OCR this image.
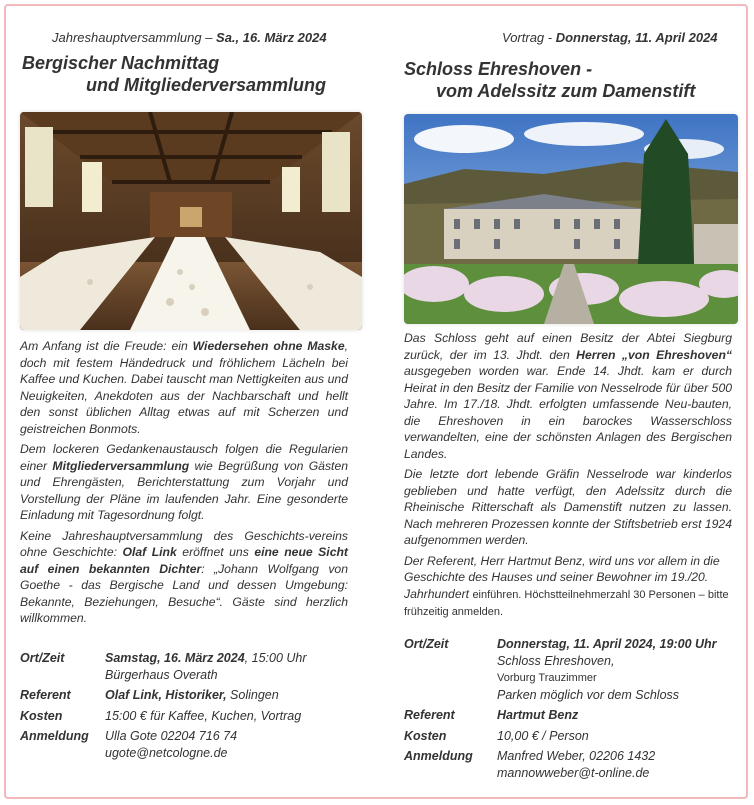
Jahreshauptversammlung – Sa., 16. März 2024
Bergischer Nachmittag
und Mitgliederversammlung

Am Anfang ist die Freude: ein Wiedersehen ohne Maske, doch mit festem Händedruck und fröhlichem Lächeln bei Kaffee und Kuchen. Dabei tauscht man Nettigkeiten aus und Neuigkeiten, Anekdoten aus der Nachbarschaft und hellt den sonst üblichen Alltag etwas auf mit Scherzen und geistreichen Bonmots.

Dem lockeren Gedankenaustausch folgen die Regularien einer Mitgliederversammlung wie Begrüßung von Gästen und Ehrengästen, Berichterstattung zum Vorjahr und Vorstellung der Pläne im laufenden Jahr. Eine gesonderte Einladung mit Tagesordnung folgt.

Keine Jahreshauptversammlung des Geschichts-vereins ohne Geschichte: Olaf Link eröffnet uns eine neue Sicht auf einen bekannten Dichter: „Johann Wolfgang von Goethe - das Bergische Land und dessen Umgebung: Bekannte, Beziehungen, Besuche“. Gäste sind herzlich willkommen.

Ort/Zeit	Samstag, 16. März 2024, 15:00 Uhr
Bürgerhaus Overath
Referent	Olaf Link, Historiker, Solingen
Kosten	15:00 € für Kaffee, Kuchen, Vortrag
Anmeldung	Ulla Gote 02204 716 74
ugote@netcologne.de
Vortrag - Donnerstag, 11. April 2024
Schloss Ehreshoven -
vom Adelssitz zum Damenstift

Das Schloss geht auf einen Besitz der Abtei Siegburg zurück, der im 13. Jhdt. den Herren „von Ehreshoven“ ausgegeben worden war. Ende 14. Jhdt. kam er durch Heirat in den Besitz der Familie von Nesselrode für über 500 Jahre. Im 17./18. Jhdt. erfolgten umfassende Neu-bauten, die Ehreshoven in ein barockes Wasserschloss verwandelten, eine der schönsten Anlagen des Bergischen Landes.

Die letzte dort lebende Gräfin Nesselrode war kinderlos geblieben und hatte verfügt, den Adelssitz durch die Rheinische Ritterschaft als Damenstift nutzen zu lassen. Nach mehreren Prozessen konnte der Stiftsbetrieb erst 1924 aufgenommen werden.

Der Referent, Herr Hartmut Benz, wird uns vor allem in die Geschichte des Hauses und seiner Bewohner im 19./20. Jahrhundert einführen. Höchstteilnehmerzahl 30 Personen – bitte frühzeitig anmelden.

Ort/Zeit	Donnerstag, 11. April 2024, 19:00 Uhr
Schloss Ehreshoven,
Vorburg Trauzimmer
Parken möglich vor dem Schloss
Referent	Hartmut Benz
Kosten	10,00 € / Person
Anmeldung	Manfred Weber, 02206 1432
mannowweber@t-online.de
